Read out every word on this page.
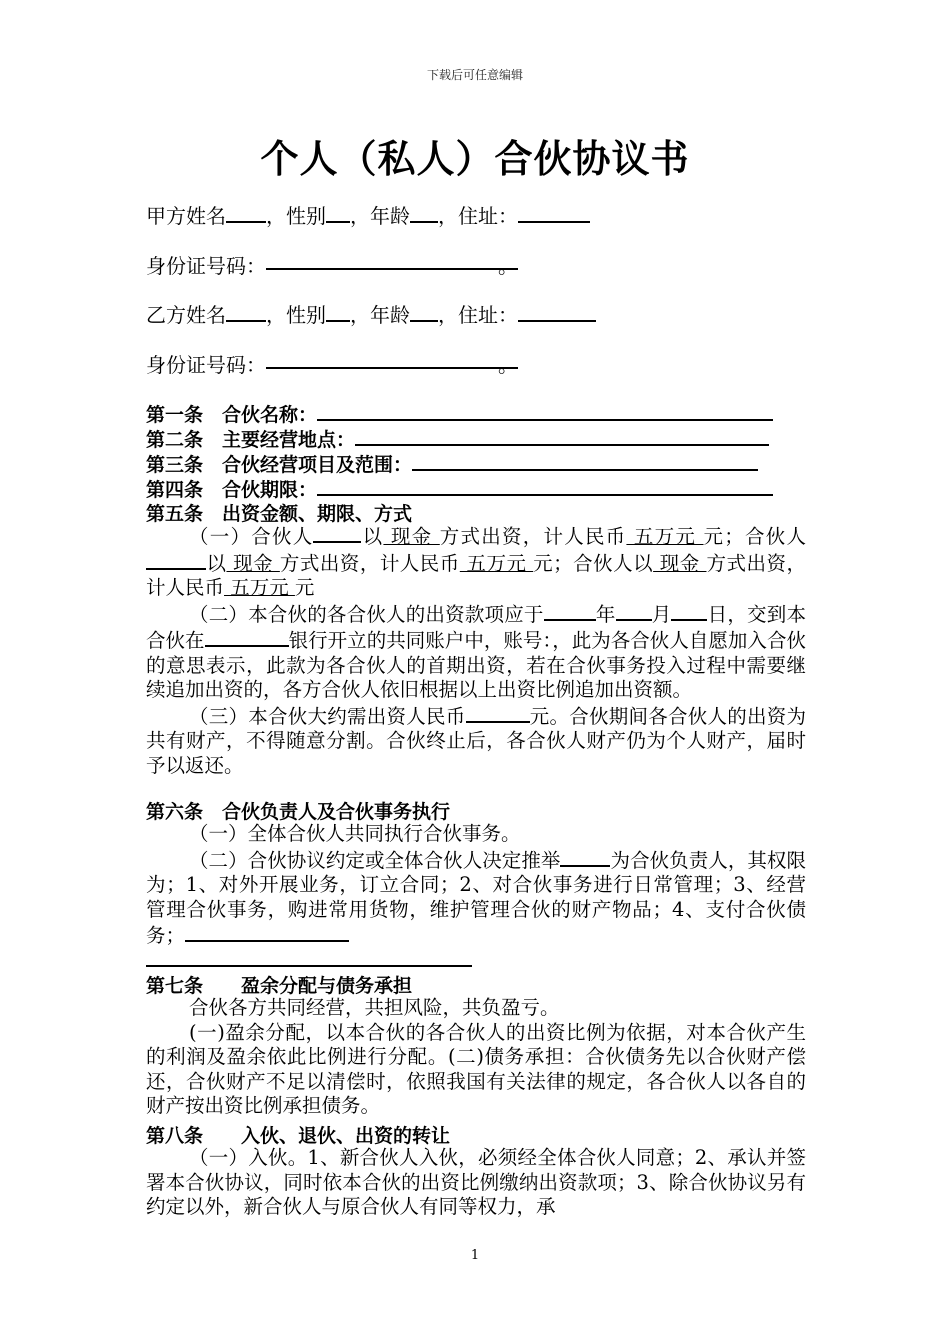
下载后可任意编辑
个人（私人）合伙协议书
甲方姓名 ，性别 ，年龄 ，住址：
身份证号码：	。
乙方姓名 ，性别 ，年龄 ，住址：
身份证号码：	。
第一条　合伙名称：
第二条　主要经营地点：
第三条　合伙经营项目及范围：
第四条　合伙期限：
第五条　出资金额、期限、方式

（一）合伙人 以 现金 方式出资，计人民币 五万元 元；合伙人以 现金 方式出资，计人民币 五万元 元；合伙人以 现金 方式出资，计人民币 五万元 元

（二）本合伙的各合伙人的出资款项应于	年 月 日，交到本合伙在	银行开立的共同账户中，账号：，此为各合伙人自愿加入合伙的意思表示，此款为各合伙人的首期出资，若在合伙事务投入过程中需要继续追加出资的，各方合伙人依旧根据以上出资比例追加出资额。

（三）本合伙大约需出资人民币	元。合伙期间各合伙人的出资为共有财产，不得随意分割。合伙终止后，各合伙人财产仍为个人财产，届时予以返还。

第六条　合伙负责人及合伙事务执行

（一）全体合伙人共同执行合伙事务。

（二）合伙协议约定或全体合伙人决定推举	为合伙负责人，其权限为；1、对外开展业务，订立合同；2、对合伙事务进行日常管理；3、经营管理合伙事务，购进常用货物，维护管理合伙的财产物品；4、支付合伙债务；

第七条　　盈余分配与债务承担

合伙各方共同经营，共担风险，共负盈亏。

(一)盈余分配，以本合伙的各合伙人的出资比例为依据，对本合伙产生的利润及盈余依此比例进行分配。(二)债务承担：合伙债务先以合伙财产偿还，合伙财产不足以清偿时，依照我国有关法律的规定，各合伙人以各自的财产按出资比例承担债务。

第八条　　入伙、退伙、出资的转让

（一）入伙。1、新合伙人入伙，必须经全体合伙人同意；2、承认并签署本合伙协议，同时依本合伙的出资比例缴纳出资款项；3、除合伙协议另有约定以外，新合伙人与原合伙人有同等权力，承

1
